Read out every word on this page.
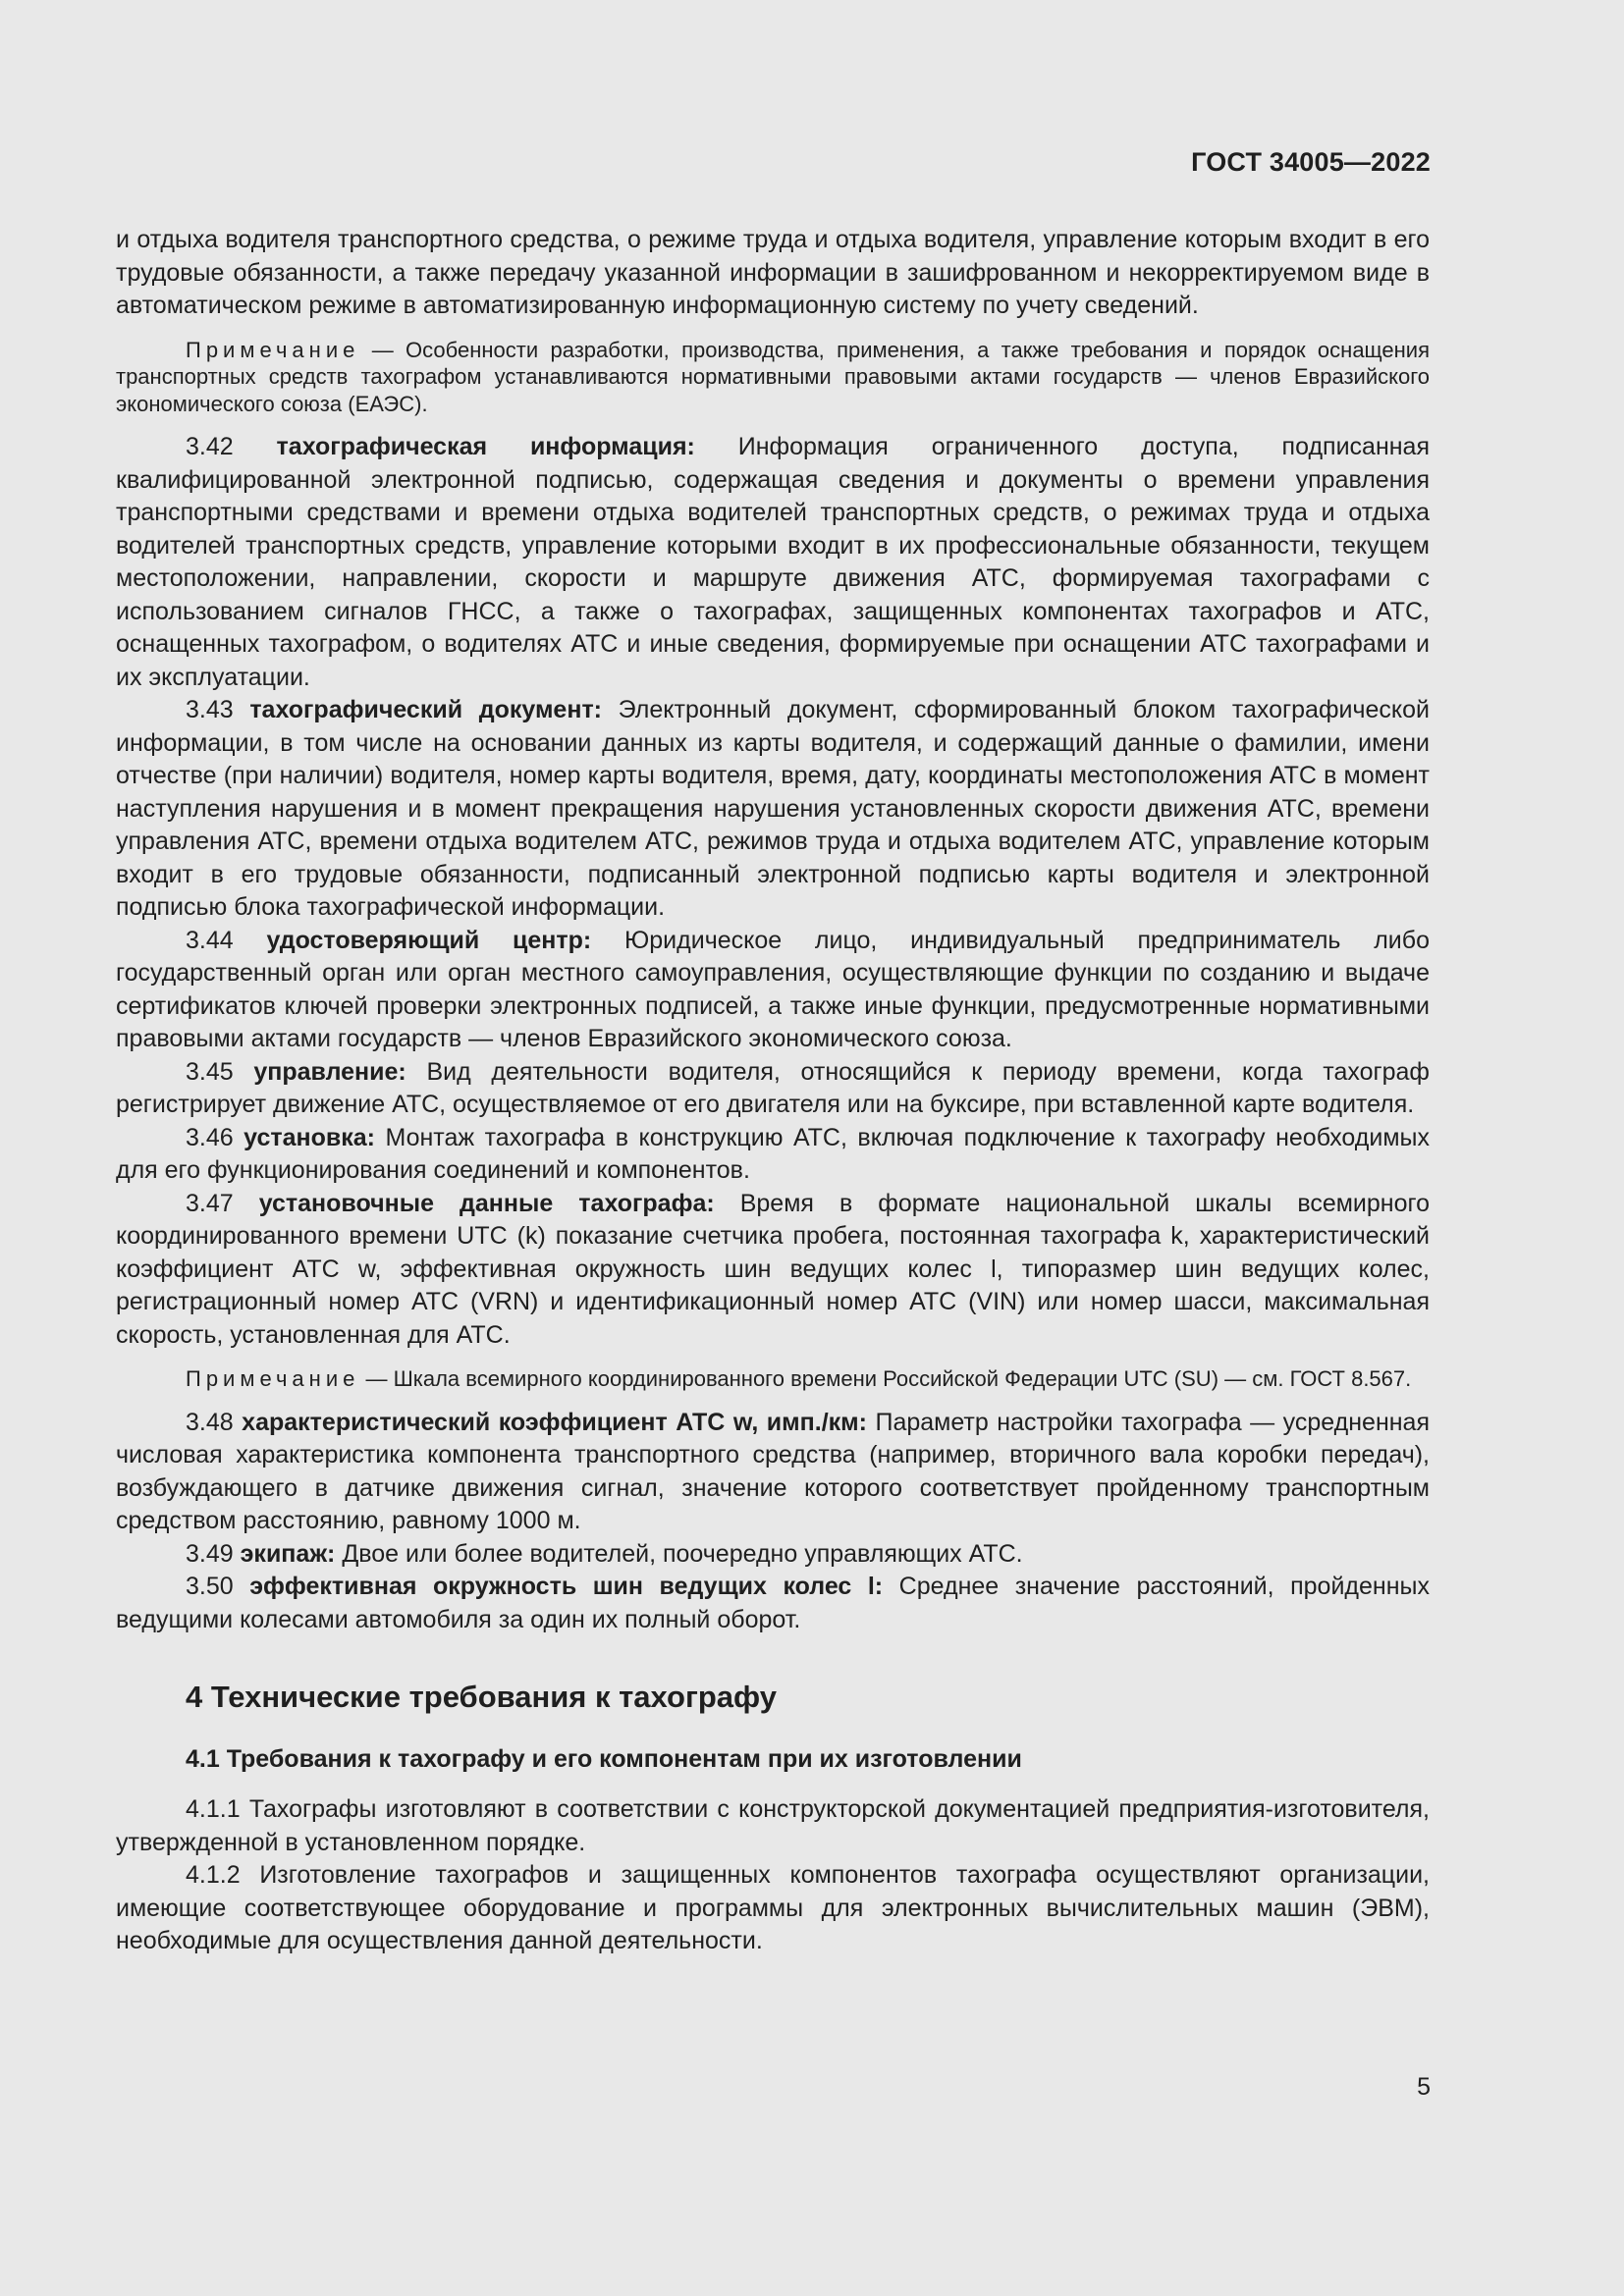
ГОСТ 34005—2022

и отдыха водителя транспортного средства, о режиме труда и отдыха водителя, управление которым входит в его трудовые обязанности, а также передачу указанной информации в зашифрованном и некорректируемом виде в автоматическом режиме в автоматизированную информационную систему по учету сведений.

Примечание — Особенности разработки, производства, применения, а также требования и порядок оснащения транспортных средств тахографом устанавливаются нормативными правовыми актами государств — членов Евразийского экономического союза (ЕАЭС).

3.42 тахографическая информация: Информация ограниченного доступа, подписанная квалифицированной электронной подписью, содержащая сведения и документы о времени управления транспортными средствами и времени отдыха водителей транспортных средств, о режимах труда и отдыха водителей транспортных средств, управление которыми входит в их профессиональные обязанности, текущем местоположении, направлении, скорости и маршруте движения АТС, формируемая тахографами с использованием сигналов ГНСС, а также о тахографах, защищенных компонентах тахографов и АТС, оснащенных тахографом, о водителях АТС и иные сведения, формируемые при оснащении АТС тахографами и их эксплуатации.

3.43 тахографический документ: Электронный документ, сформированный блоком тахографической информации, в том числе на основании данных из карты водителя, и содержащий данные о фамилии, имени отчестве (при наличии) водителя, номер карты водителя, время, дату, координаты местоположения АТС в момент наступления нарушения и в момент прекращения нарушения установленных скорости движения АТС, времени управления АТС, времени отдыха водителем АТС, режимов труда и отдыха водителем АТС, управление которым входит в его трудовые обязанности, подписанный электронной подписью карты водителя и электронной подписью блока тахографической информации.

3.44 удостоверяющий центр: Юридическое лицо, индивидуальный предприниматель либо государственный орган или орган местного самоуправления, осуществляющие функции по созданию и выдаче сертификатов ключей проверки электронных подписей, а также иные функции, предусмотренные нормативными правовыми актами государств — членов Евразийского экономического союза.

3.45 управление: Вид деятельности водителя, относящийся к периоду времени, когда тахограф регистрирует движение АТС, осуществляемое от его двигателя или на буксире, при вставленной карте водителя.

3.46 установка: Монтаж тахографа в конструкцию АТС, включая подключение к тахографу необходимых для его функционирования соединений и компонентов.

3.47 установочные данные тахографа: Время в формате национальной шкалы всемирного координированного времени UTC (k) показание счетчика пробега, постоянная тахографа k, характеристический коэффициент АТС w, эффективная окружность шин ведущих колес l, типоразмер шин ведущих колес, регистрационный номер АТС (VRN) и идентификационный номер АТС (VIN) или номер шасси, максимальная скорость, установленная для АТС.

Примечание — Шкала всемирного координированного времени Российской Федерации UTC (SU) — см. ГОСТ 8.567.

3.48 характеристический коэффициент АТС w, имп./км: Параметр настройки тахографа — усредненная числовая характеристика компонента транспортного средства (например, вторичного вала коробки передач), возбуждающего в датчике движения сигнал, значение которого соответствует пройденному транспортным средством расстоянию, равному 1000 м.

3.49 экипаж: Двое или более водителей, поочередно управляющих АТС.

3.50 эффективная окружность шин ведущих колес l: Среднее значение расстояний, пройденных ведущими колесами автомобиля за один их полный оборот.

4 Технические требования к тахографу
4.1 Требования к тахографу и его компонентам при их изготовлении

4.1.1 Тахографы изготовляют в соответствии с конструкторской документацией предприятия-изготовителя, утвержденной в установленном порядке.

4.1.2 Изготовление тахографов и защищенных компонентов тахографа осуществляют организации, имеющие соответствующее оборудование и программы для электронных вычислительных машин (ЭВМ), необходимые для осуществления данной деятельности.

5
